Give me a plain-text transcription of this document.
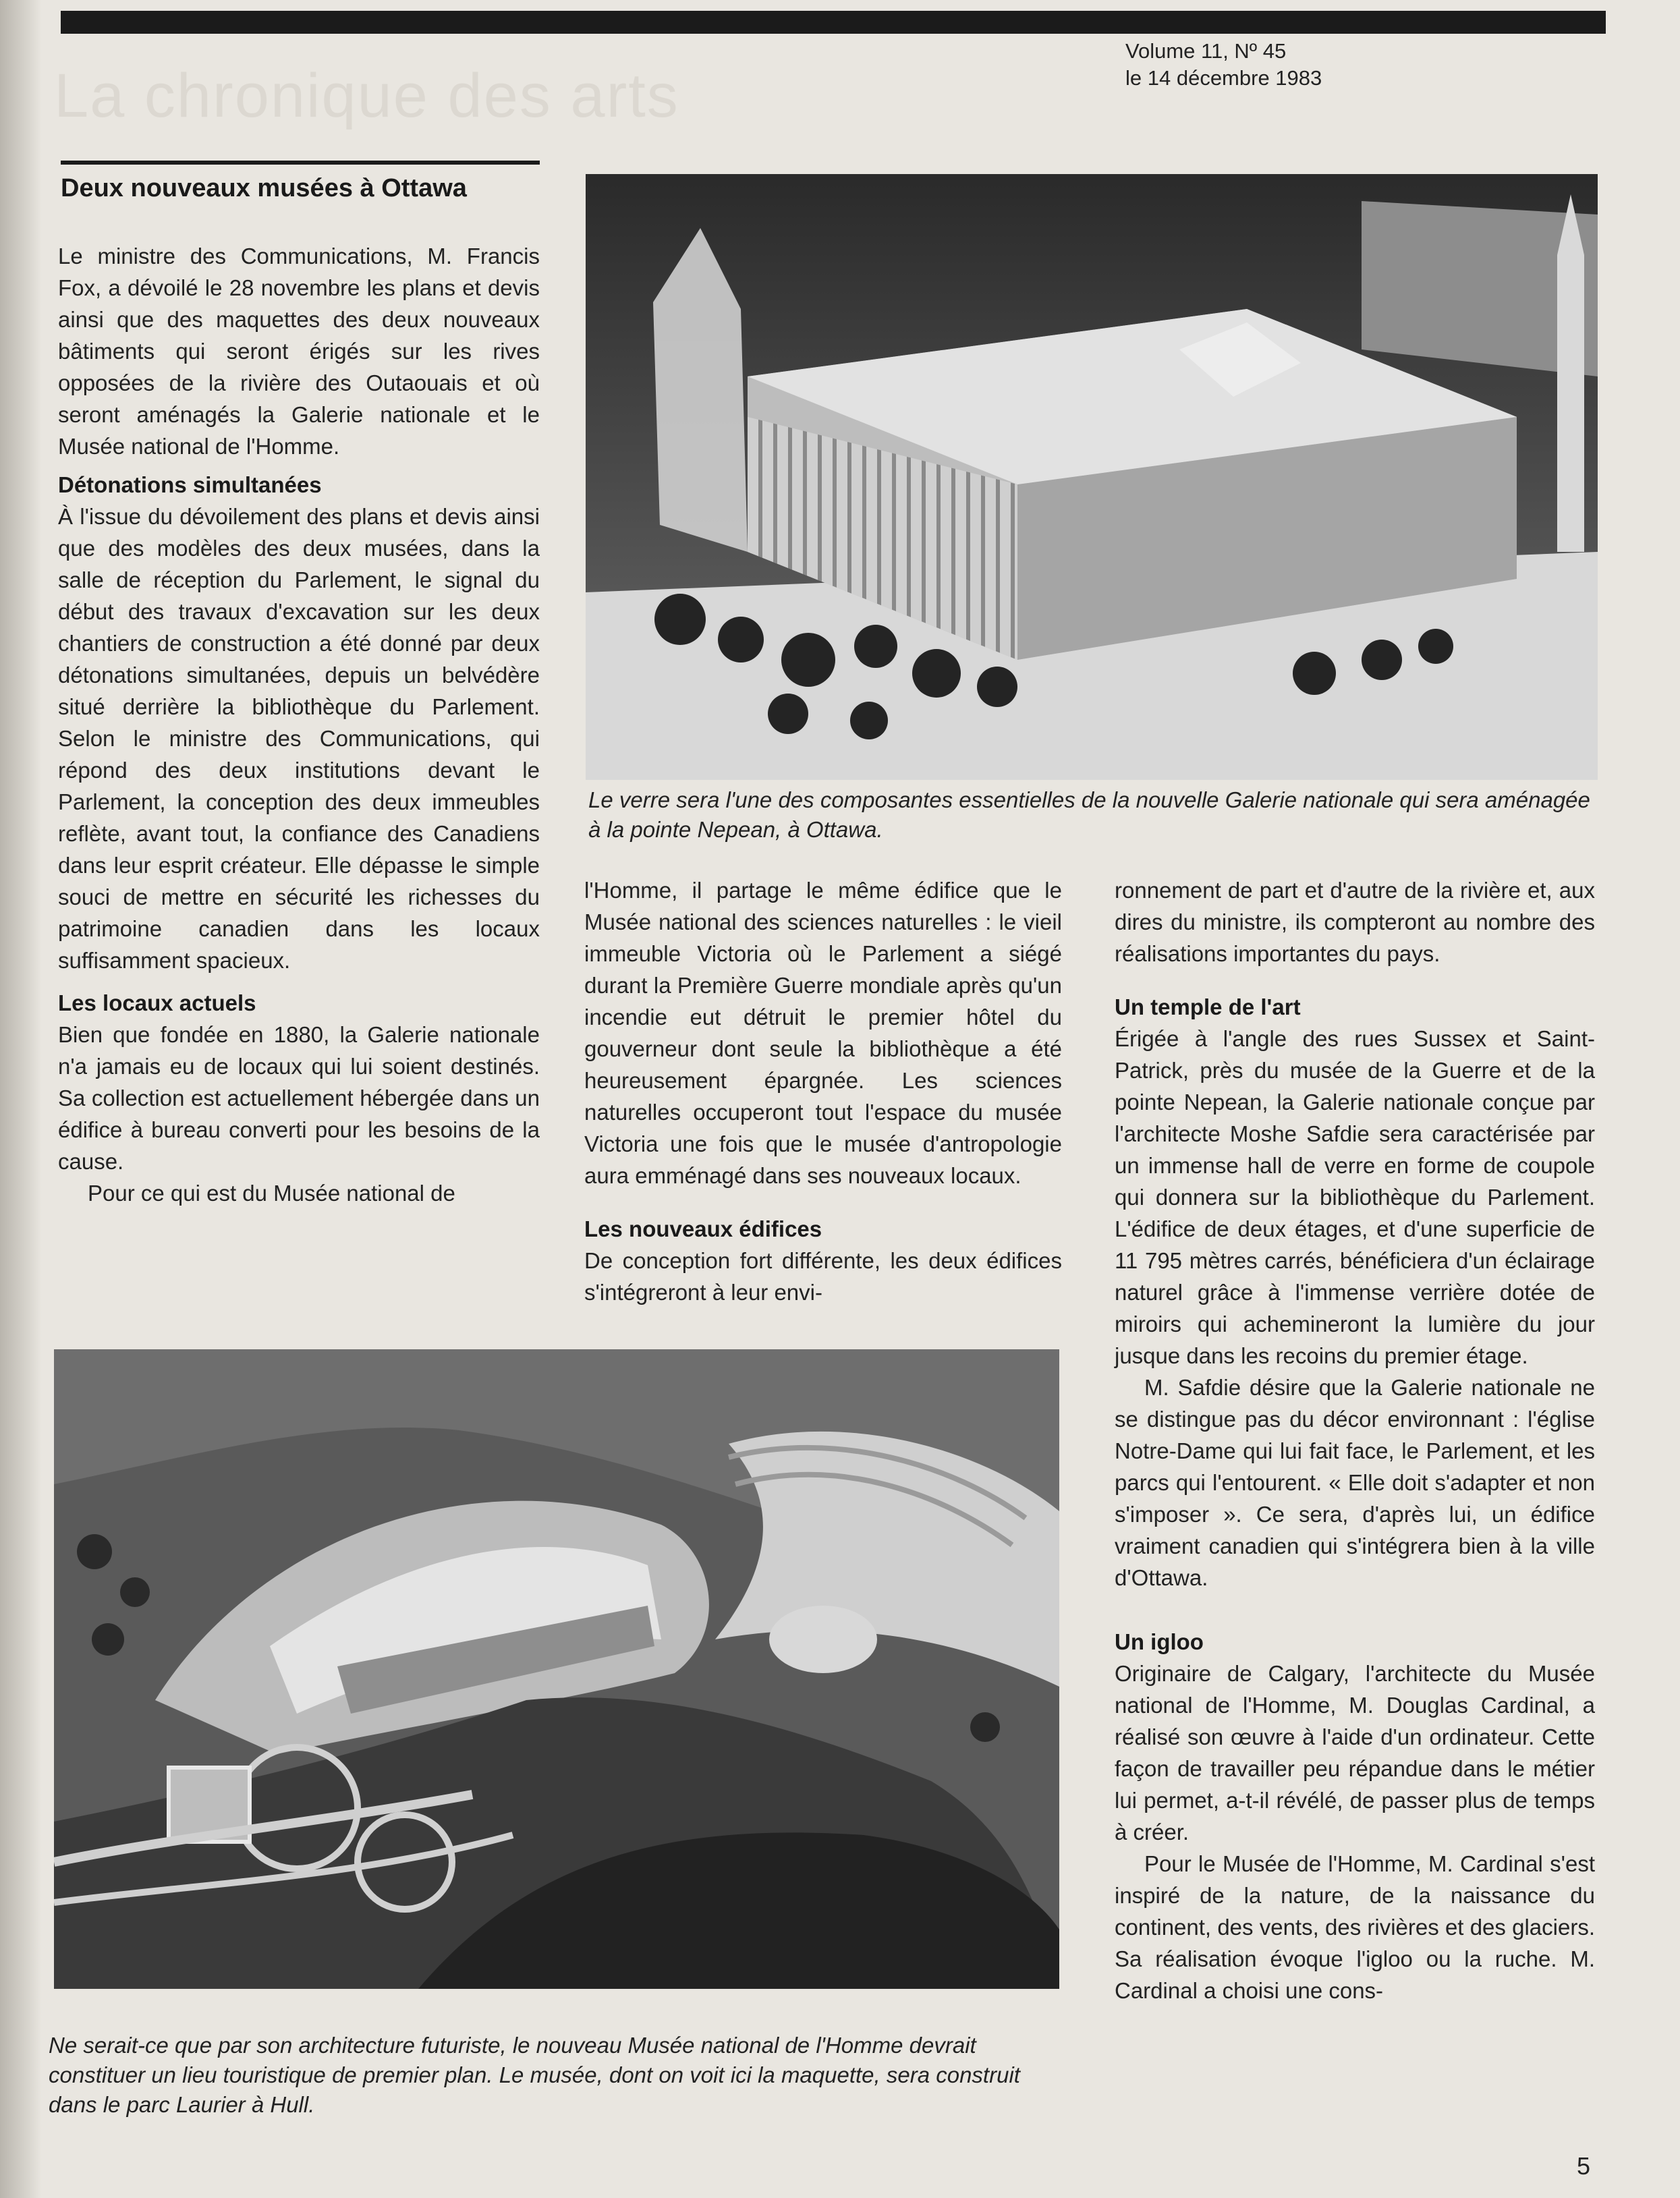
La chronique des arts
Volume 11, Nº 45
le 14 décembre 1983
Deux nouveaux musées à Ottawa

Le ministre des Communications, M. Francis Fox, a dévoilé le 28 novembre les plans et devis ainsi que des maquettes des deux nouveaux bâtiments qui seront érigés sur les rives opposées de la rivière des Outaouais et où seront aménagés la Galerie nationale et le Musée national de l'Homme.

Détonations simultanées

À l'issue du dévoilement des plans et devis ainsi que des modèles des deux musées, dans la salle de réception du Parlement, le signal du début des travaux d'excavation sur les deux chantiers de construction a été donné par deux détonations simultanées, depuis un belvédère situé derrière la bibliothèque du Parlement. Selon le ministre des Communications, qui répond des deux institutions devant le Parlement, la conception des deux immeubles reflète, avant tout, la confiance des Canadiens dans leur esprit créateur. Elle dépasse le simple souci de mettre en sécurité les richesses du patrimoine canadien dans les locaux suffisamment spacieux.

Les locaux actuels

Bien que fondée en 1880, la Galerie nationale n'a jamais eu de locaux qui lui soient destinés. Sa collection est actuellement hébergée dans un édifice à bureau converti pour les besoins de la cause.

Pour ce qui est du Musée national de

Le verre sera l'une des composantes essentielles de la nouvelle Galerie nationale qui sera aménagée à la pointe Nepean, à Ottawa.

l'Homme, il partage le même édifice que le Musée national des sciences naturelles : le vieil immeuble Victoria où le Parlement a siégé durant la Première Guerre mondiale après qu'un incendie eut détruit le premier hôtel du gouverneur dont seule la bibliothèque a été heureusement épargnée. Les sciences naturelles occuperont tout l'espace du musée Victoria une fois que le musée d'antropologie aura emménagé dans ses nouveaux locaux.

Les nouveaux édifices

De conception fort différente, les deux édifices s'intégreront à leur envi-

ronnement de part et d'autre de la rivière et, aux dires du ministre, ils compteront au nombre des réalisations importantes du pays.

Un temple de l'art

Érigée à l'angle des rues Sussex et Saint-Patrick, près du musée de la Guerre et de la pointe Nepean, la Galerie nationale conçue par l'architecte Moshe Safdie sera caractérisée par un immense hall de verre en forme de coupole qui donnera sur la bibliothèque du Parlement. L'édifice de deux étages, et d'une superficie de 11 795 mètres carrés, bénéficiera d'un éclairage naturel grâce à l'immense verrière dotée de miroirs qui achemineront la lumière du jour jusque dans les recoins du premier étage.

M. Safdie désire que la Galerie nationale ne se distingue pas du décor environnant : l'église Notre-Dame qui lui fait face, le Parlement, et les parcs qui l'entourent. « Elle doit s'adapter et non s'imposer ». Ce sera, d'après lui, un édifice vraiment canadien qui s'intégrera bien à la ville d'Ottawa.

Un igloo

Originaire de Calgary, l'architecte du Musée national de l'Homme, M. Douglas Cardinal, a réalisé son œuvre à l'aide d'un ordinateur. Cette façon de travailler peu répandue dans le métier lui permet, a-t-il révélé, de passer plus de temps à créer.

Pour le Musée de l'Homme, M. Cardinal s'est inspiré de la nature, de la naissance du continent, des vents, des rivières et des glaciers. Sa réalisation évoque l'igloo ou la ruche. M. Cardinal a choisi une cons-

Ne serait-ce que par son architecture futuriste, le nouveau Musée national de l'Homme devrait constituer un lieu touristique de premier plan. Le musée, dont on voit ici la maquette, sera construit dans le parc Laurier à Hull.
5
